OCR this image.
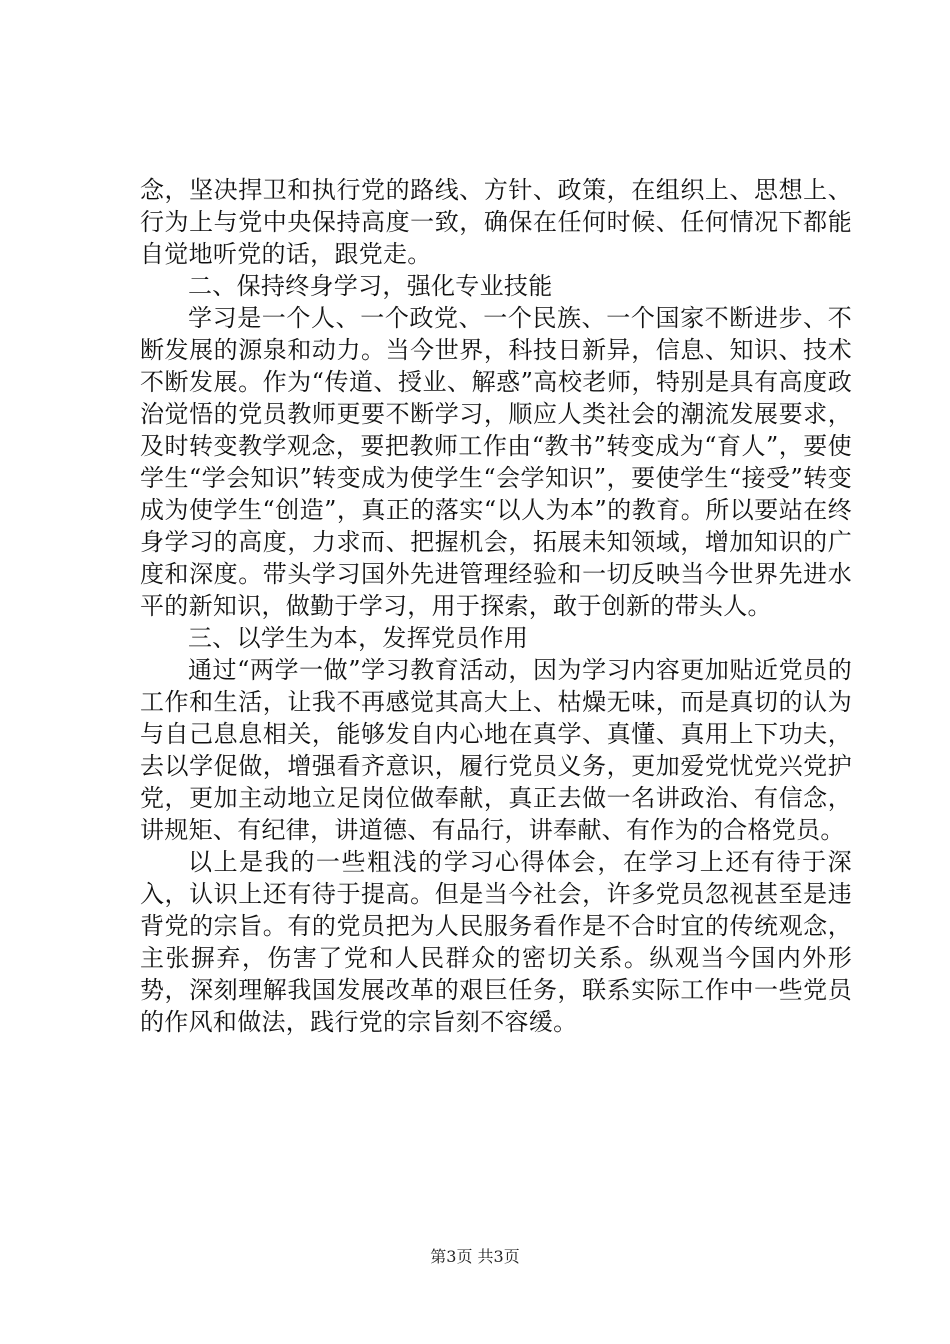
念，坚决捍卫和执行党的路线、方针、政策，在组织上、思想上、行为上与党中央保持高度一致，确保在任何时候、任何情况下都能自觉地听党的话，跟党走。

二、保持终身学习，强化专业技能

学习是一个人、一个政党、一个民族、一个国家不断进步、不断发展的源泉和动力。当今世界，科技日新异，信息、知识、技术不断发展。作为“传道、授业、解惑”高校老师，特别是具有高度政治觉悟的党员教师更要不断学习，顺应人类社会的潮流发展要求，及时转变教学观念，要把教师工作由“教书”转变成为“育人”，要使学生“学会知识”转变成为使学生“会学知识”，要使学生“接受”转变成为使学生“创造”，真正的落实“以人为本”的教育。所以要站在终身学习的高度，力求而、把握机会，拓展未知领域，增加知识的广度和深度。带头学习国外先进管理经验和一切反映当今世界先进水平的新知识，做勤于学习，用于探索，敢于创新的带头人。

三、以学生为本，发挥党员作用

通过“两学一做”学习教育活动，因为学习内容更加贴近党员的工作和生活，让我不再感觉其高大上、枯燥无味，而是真切的认为与自己息息相关，能够发自内心地在真学、真懂、真用上下功夫，去以学促做，增强看齐意识，履行党员义务，更加爱党忧党兴党护党，更加主动地立足岗位做奉献，真正去做一名讲政治、有信念，讲规矩、有纪律，讲道德、有品行，讲奉献、有作为的合格党员。

以上是我的一些粗浅的学习心得体会，在学习上还有待于深入，认识上还有待于提高。但是当今社会，许多党员忽视甚至是违背党的宗旨。有的党员把为人民服务看作是不合时宜的传统观念，主张摒弃，伤害了党和人民群众的密切关系。纵观当今国内外形势，深刻理解我国发展改革的艰巨任务，联系实际工作中一些党员的作风和做法，践行党的宗旨刻不容缓。

第3页 共3页
